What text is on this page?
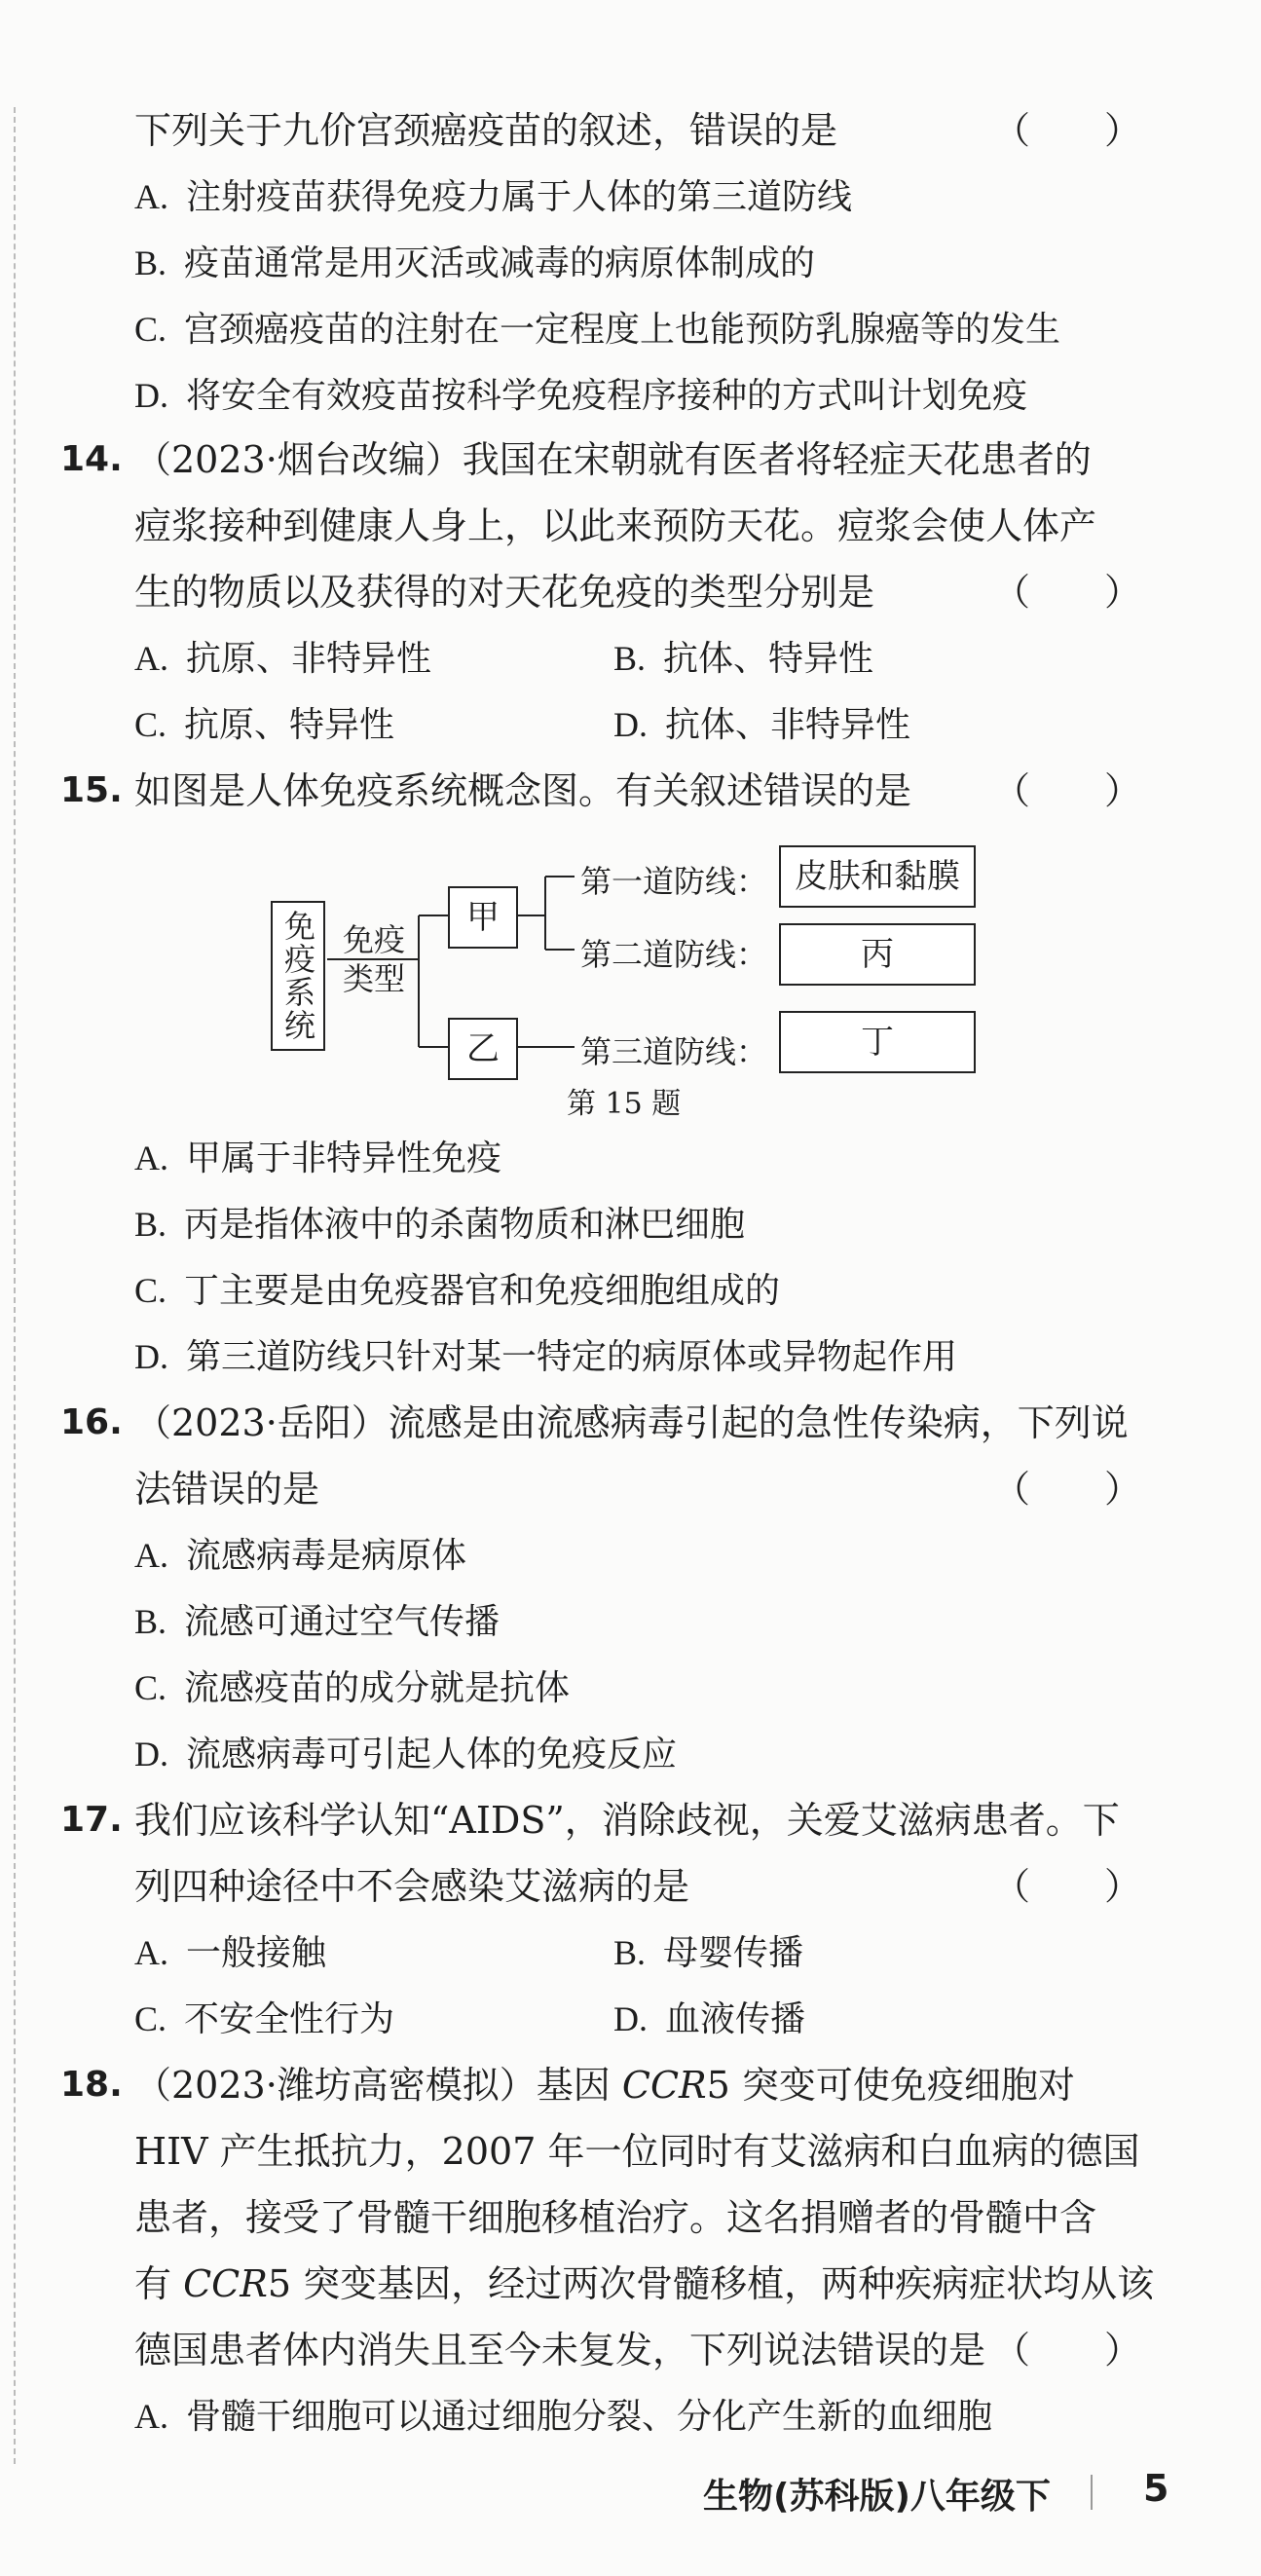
下列关于九价宫颈癌疫苗的叙述，错误的是	（　　）
A. 注射疫苗获得免疫力属于人体的第三道防线
B. 疫苗通常是用灭活或减毒的病原体制成的
C. 宫颈癌疫苗的注射在一定程度上也能预防乳腺癌等的发生
D. 将安全有效疫苗按科学免疫程序接种的方式叫计划免疫
14. （2023·烟台改编）我国在宋朝就有医者将轻症天花患者的
痘浆接种到健康人身上，以此来预防天花。痘浆会使人体产
生的物质以及获得的对天花免疫的类型分别是	（　　）
A. 抗原、非特异性	B. 抗体、特异性
C. 抗原、特异性	D. 抗体、非特异性
15. 如图是人体免疫系统概念图。有关叙述错误的是 （　　）
免疫系统 免疫类型
甲
乙
第一道防线：
第二道防线：
第三道防线：
皮肤和黏膜
丙
丁
第 15 题
A. 甲属于非特异性免疫
B. 丙是指体液中的杀菌物质和淋巴细胞
C. 丁主要是由免疫器官和免疫细胞组成的
D. 第三道防线只针对某一特定的病原体或异物起作用
16. （2023·岳阳）流感是由流感病毒引起的急性传染病，下列说
法错误的是	（　　）
A. 流感病毒是病原体
B. 流感可通过空气传播
C. 流感疫苗的成分就是抗体
D. 流感病毒可引起人体的免疫反应
17. 我们应该科学认知“AIDS”，消除歧视，关爱艾滋病患者。下
列四种途径中不会感染艾滋病的是	（　　）
A. 一般接触	B. 母婴传播
C. 不安全性行为	D. 血液传播
18. （2023·潍坊高密模拟）基因 CCR5 突变可使免疫细胞对
HIV 产生抵抗力，2007 年一位同时有艾滋病和白血病的德国
患者，接受了骨髓干细胞移植治疗。这名捐赠者的骨髓中含
有 CCR5 突变基因，经过两次骨髓移植，两种疾病症状均从该
德国患者体内消失且至今未复发，下列说法错误的是 （　　）
A. 骨髓干细胞可以通过细胞分裂、分化产生新的血细胞
生物(苏科版)八年级下	5
